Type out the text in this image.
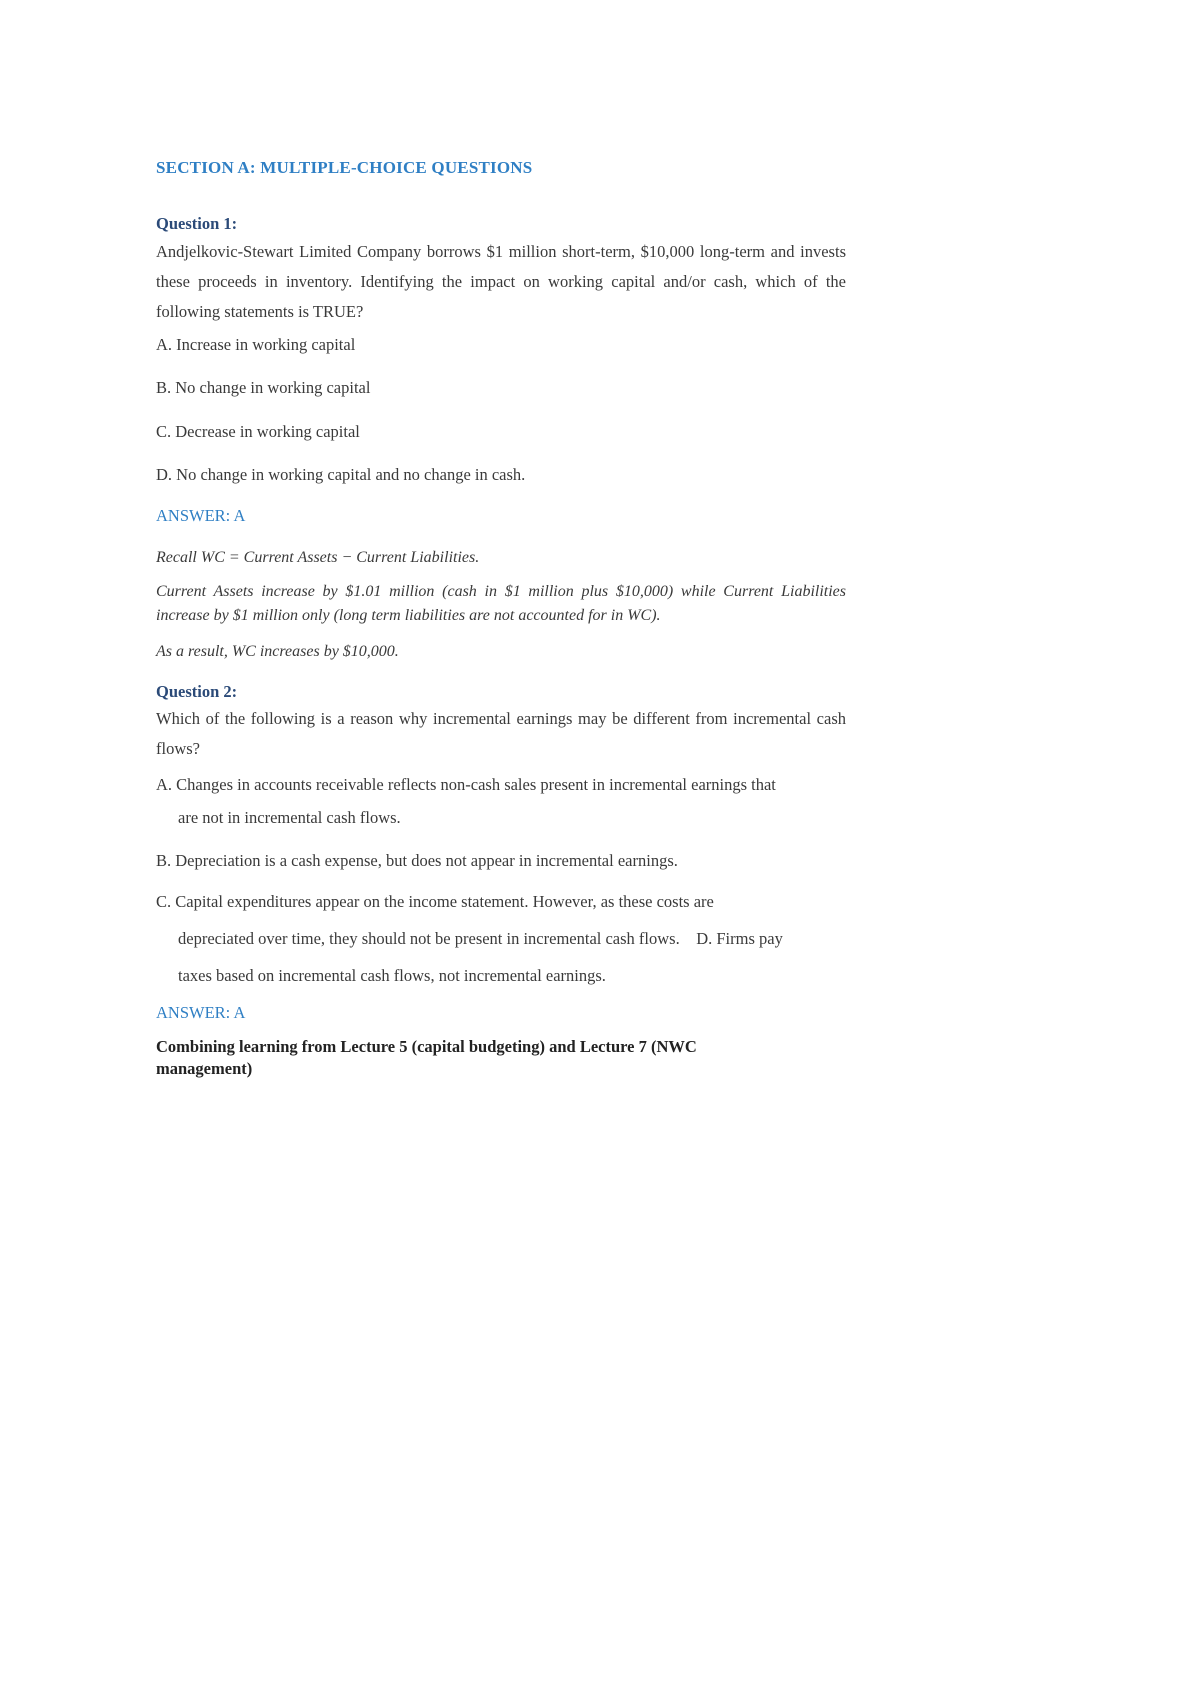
SECTION A: MULTIPLE-CHOICE QUESTIONS
Question 1:
Andjelkovic-Stewart Limited Company borrows $1 million short-term, $10,000 long-term and invests these proceeds in inventory. Identifying the impact on working capital and/or cash, which of the following statements is TRUE?
A. Increase in working capital
B. No change in working capital
C. Decrease in working capital
D. No change in working capital and no change in cash.
ANSWER: A
Recall WC = Current Assets − Current Liabilities.
Current Assets increase by $1.01 million (cash in $1 million plus $10,000) while Current Liabilities increase by $1 million only (long term liabilities are not accounted for in WC).
As a result, WC increases by $10,000.
Question 2:
Which of the following is a reason why incremental earnings may be different from incremental cash flows?
A. Changes in accounts receivable reflects non-cash sales present in incremental earnings that
are not in incremental cash flows.
B. Depreciation is a cash expense, but does not appear in incremental earnings.
C. Capital expenditures appear on the income statement. However, as these costs are
depreciated over time, they should not be present in incremental cash flows.    D. Firms pay
taxes based on incremental cash flows, not incremental earnings.
ANSWER: A
Combining learning from Lecture 5 (capital budgeting) and Lecture 7 (NWC management)
